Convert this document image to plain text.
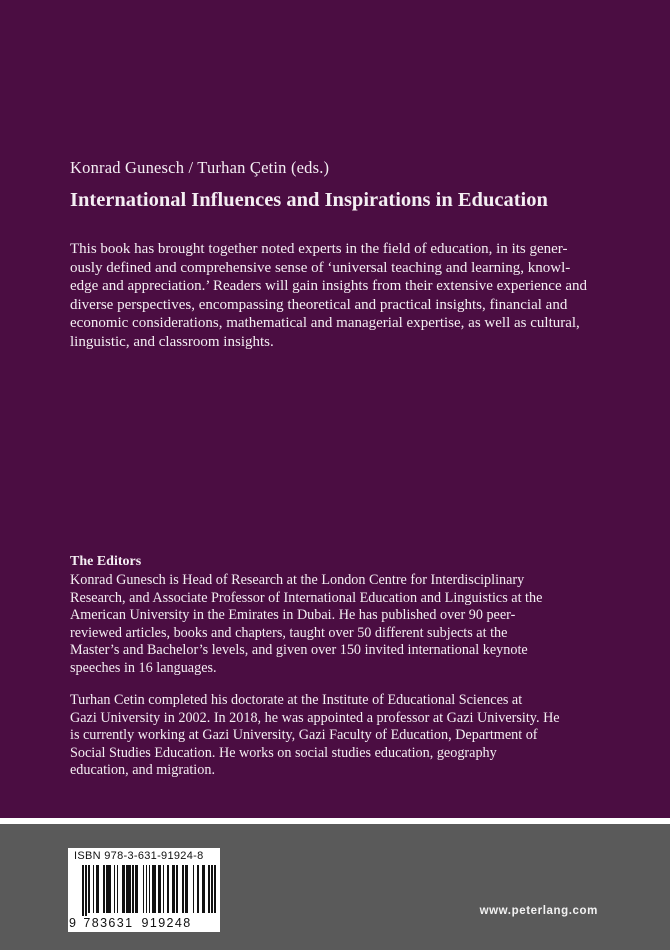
Konrad Gunesch / Turhan Çetin (eds.)
International Influences and Inspirations in Education
This book has brought together noted experts in the field of education, in its gener-
ously defined and comprehensive sense of ‘universal teaching and learning, knowl-
edge and appreciation.’ Readers will gain insights from their extensive experience and
diverse perspectives, encompassing theoretical and practical insights, financial and
economic considerations, mathematical and managerial expertise, as well as cultural,
linguistic, and classroom insights.
The Editors
Konrad Gunesch is Head of Research at the London Centre for Interdisciplinary
Research, and Associate Professor of International Education and Linguistics at the
American University in the Emirates in Dubai. He has published over 90 peer-
reviewed articles, books and chapters, taught over 50 different subjects at the
Master’s and Bachelor’s levels, and given over 150 invited international keynote
speeches in 16 languages.
Turhan Cetin completed his doctorate at the Institute of Educational Sciences at
Gazi University in 2002. In 2018, he was appointed a professor at Gazi University. He
is currently working at Gazi University, Gazi Faculty of Education, Department of
Social Studies Education. He works on social studies education, geography
education, and migration.
ISBN 978-3-631-91924-8
9 783631 919248
www.peterlang.com
